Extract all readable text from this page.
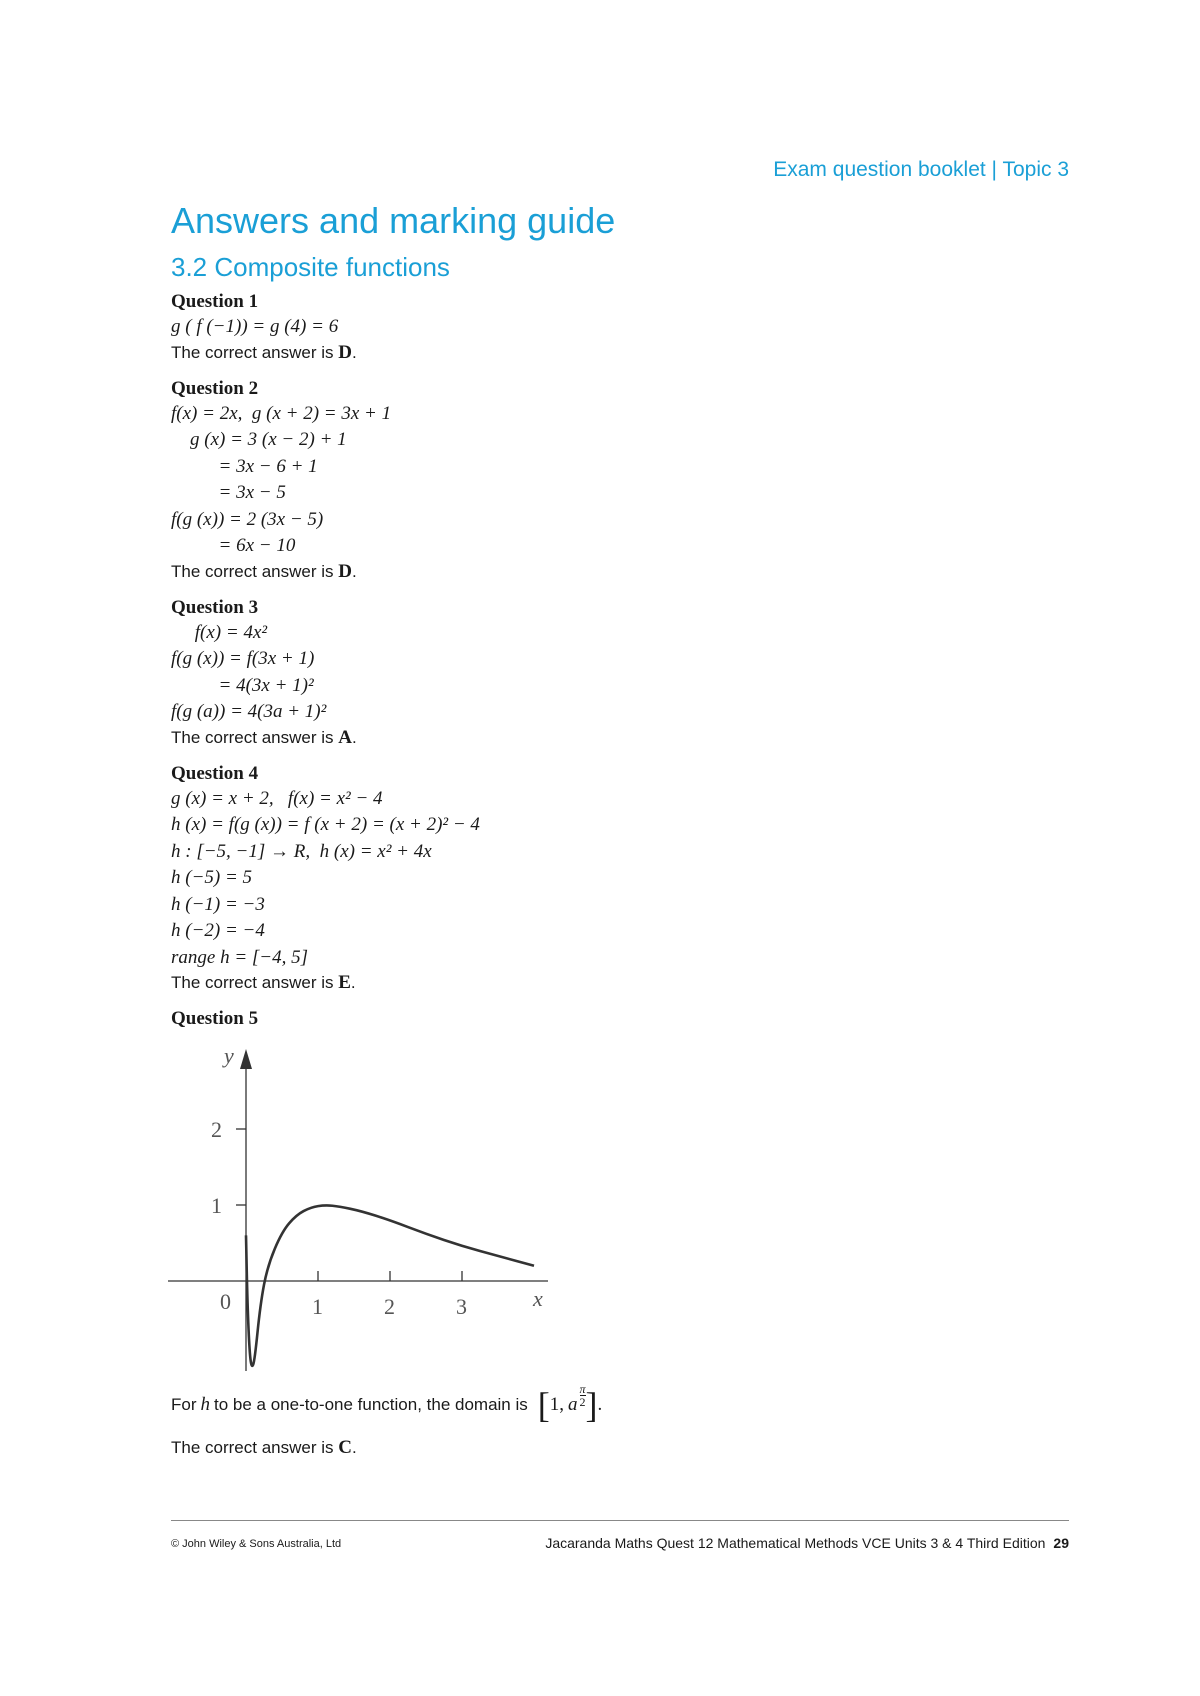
Exam question booklet | Topic 3
Answers and marking guide
3.2 Composite functions

Question 1

g ( f (−1)) = g (4) = 6

The correct answer is D.

Question 2

f(x) = 2x,  g (x + 2) = 3x + 1
g (x) = 3 (x − 2) + 1
= 3x − 6 + 1
= 3x − 5
f(g (x)) = 2 (3x − 5)
= 6x − 10

The correct answer is D.

Question 3

f(x) = 4x²
f(g (x)) = f(3x + 1)
= 4(3x + 1)²
f(g (a)) = 4(3a + 1)²

The correct answer is A.

Question 4

g (x) = x + 2,   f(x) = x² − 4
h (x) = f(g (x)) = f (x + 2) = (x + 2)² − 4
h : [−5, −1] → R,  h (x) = x² + 4x
h (−5) = 5
h (−1) = −3
h (−2) = −4
range h = [−4, 5]

The correct answer is E.

Question 5

1	2	3
1
2
x
y
0
For h to be a one-to-one function, the domain is [ 1, a $\frac{\pi}{2}$ ] .

The correct answer is C.

© John Wiley & Sons Australia, Ltd	Jacaranda Maths Quest 12 Mathematical Methods VCE Units 3 & 4 Third Edition 29
